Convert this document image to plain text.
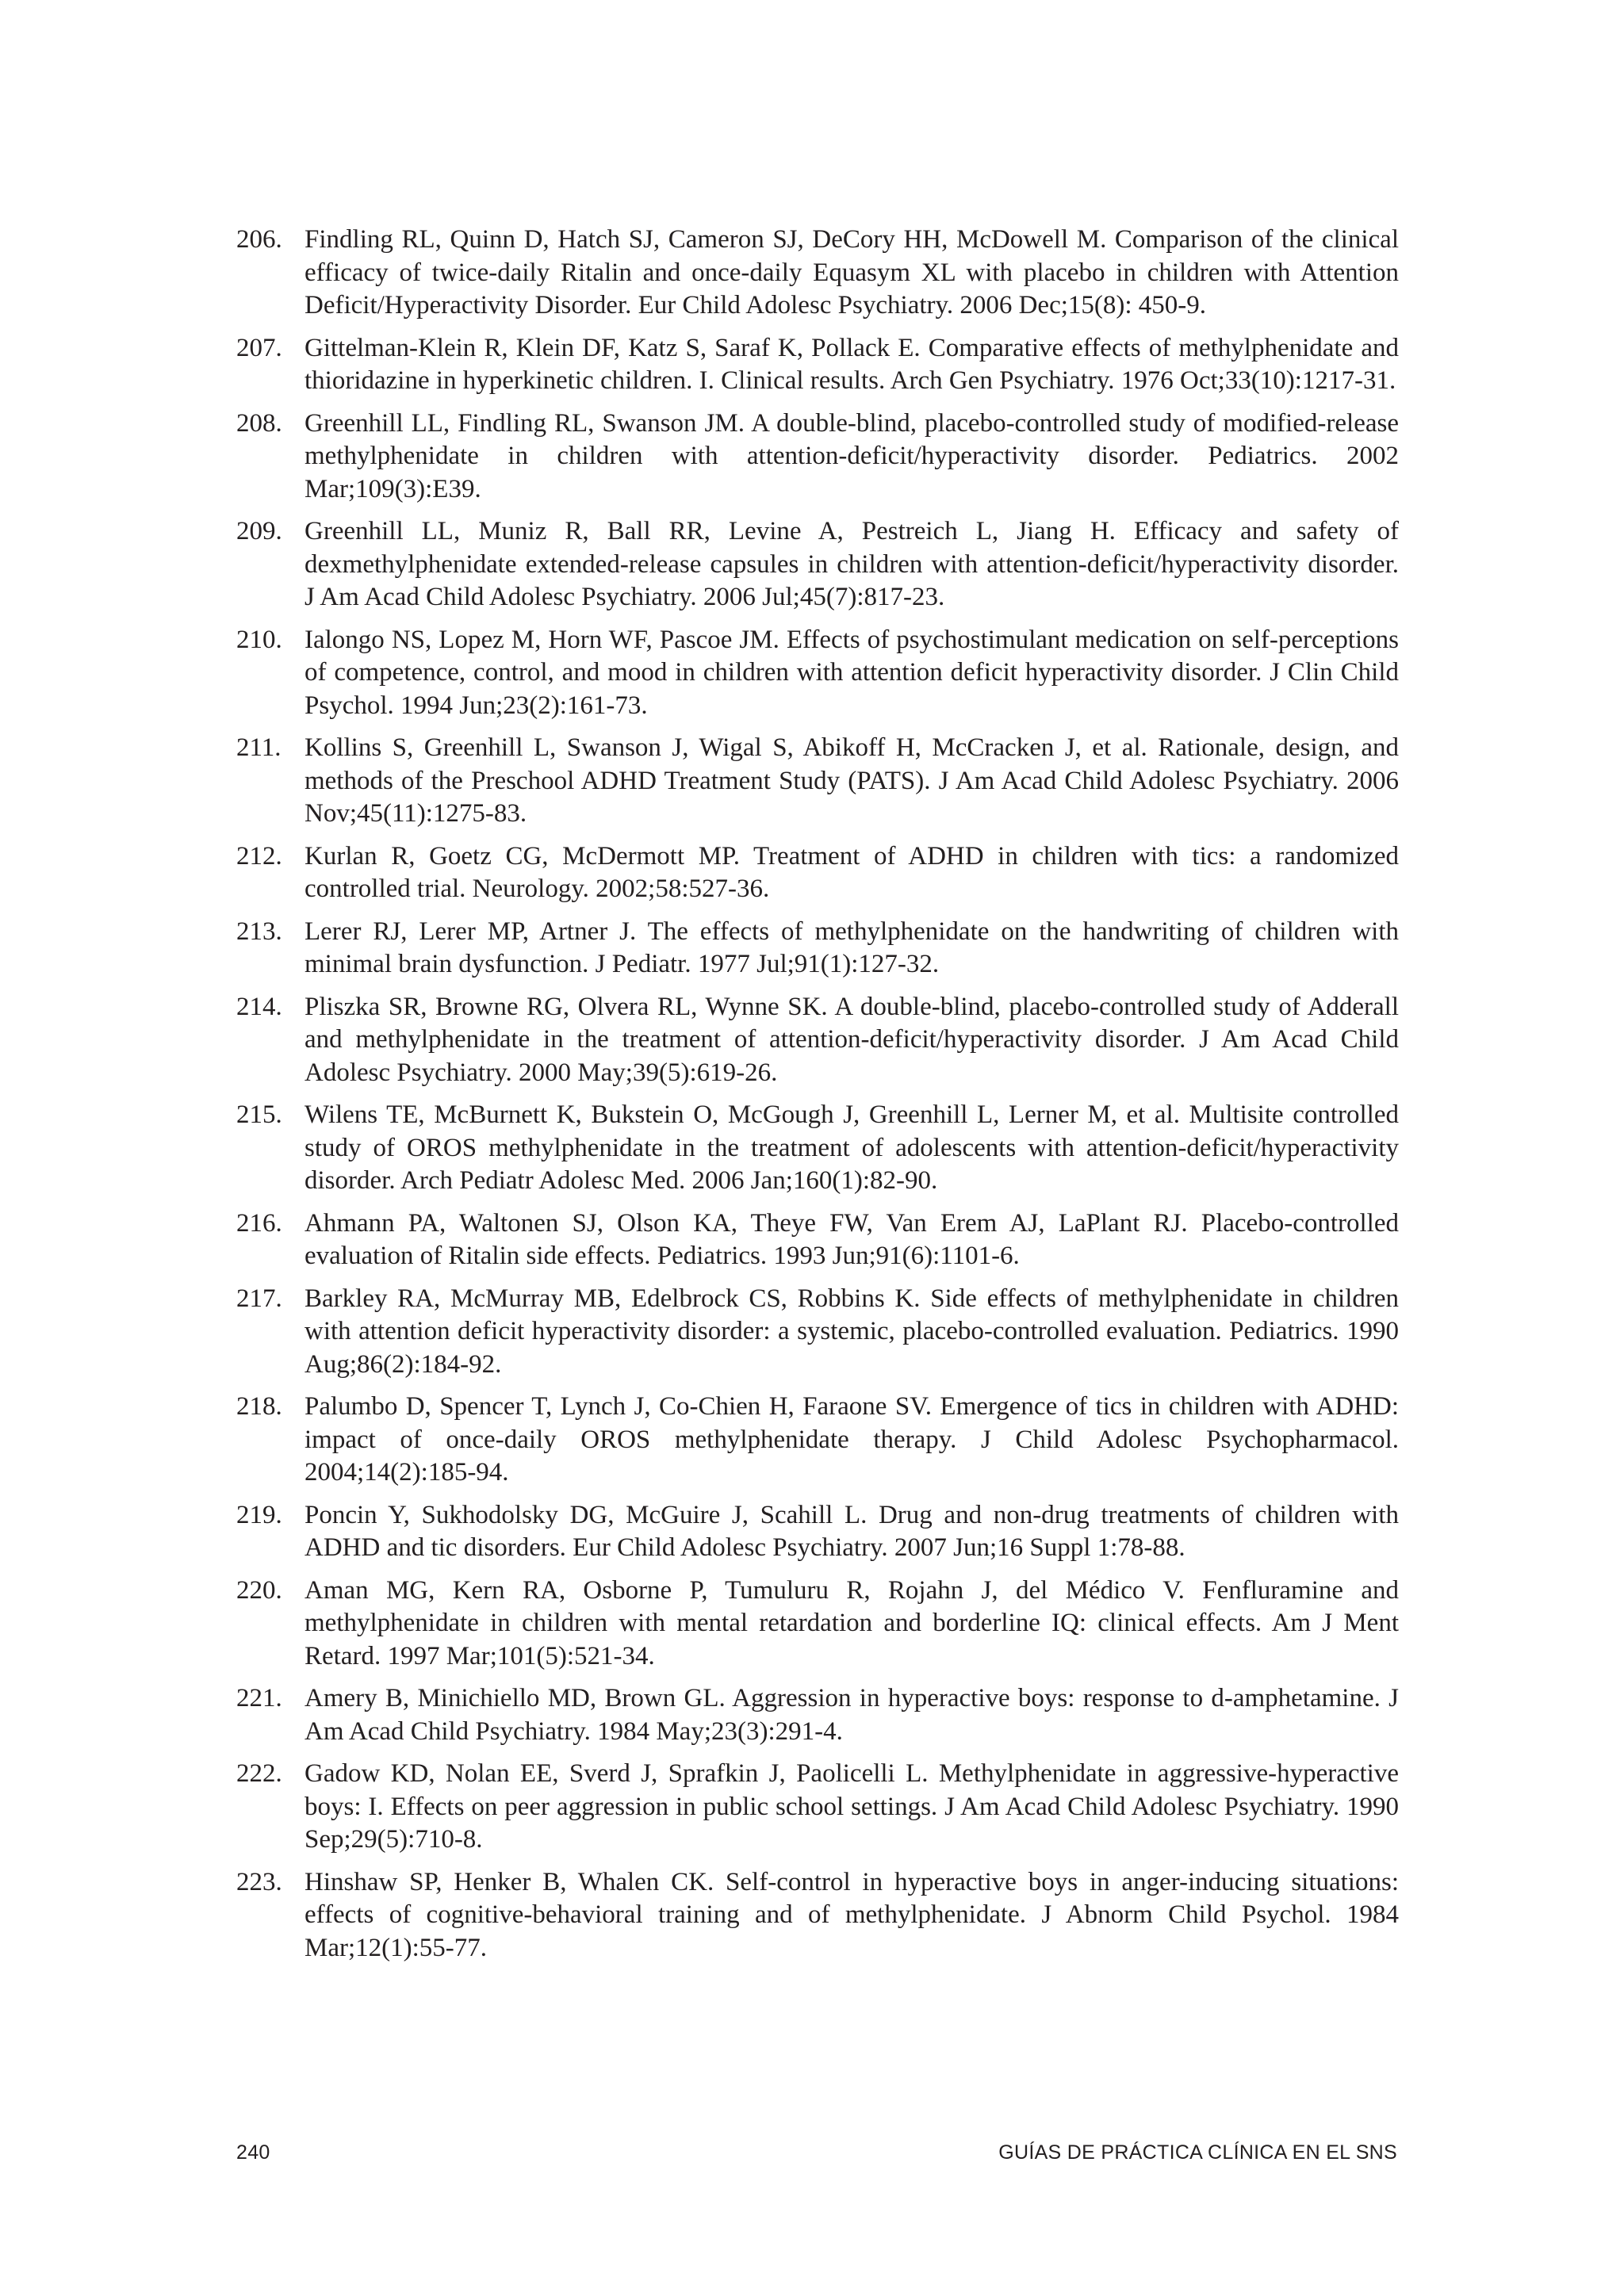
206. Findling RL, Quinn D, Hatch SJ, Cameron SJ, DeCory HH, McDowell M. Comparison of the clinical efficacy of twice-daily Ritalin and once-daily Equasym XL with placebo in children with Attention Deficit/Hyperactivity Disorder. Eur Child Adolesc Psychiatry. 2006 Dec;15(8): 450-9.
207. Gittelman-Klein R, Klein DF, Katz S, Saraf K, Pollack E. Comparative effects of methylphenidate and thioridazine in hyperkinetic children. I. Clinical results. Arch Gen Psychiatry. 1976 Oct;33(10):1217-31.
208. Greenhill LL, Findling RL, Swanson JM. A double-blind, placebo-controlled study of modified-release methylphenidate in children with attention-deficit/hyperactivity disorder. Pediatrics. 2002 Mar;109(3):E39.
209. Greenhill LL, Muniz R, Ball RR, Levine A, Pestreich L, Jiang H. Efficacy and safety of dexmethylphenidate extended-release capsules in children with attention-deficit/hyperactivity disorder. J Am Acad Child Adolesc Psychiatry. 2006 Jul;45(7):817-23.
210. Ialongo NS, Lopez M, Horn WF, Pascoe JM. Effects of psychostimulant medication on self-perceptions of competence, control, and mood in children with attention deficit hyperactivity disorder. J Clin Child Psychol. 1994 Jun;23(2):161-73.
211. Kollins S, Greenhill L, Swanson J, Wigal S, Abikoff H, McCracken J, et al. Rationale, design, and methods of the Preschool ADHD Treatment Study (PATS). J Am Acad Child Adolesc Psychiatry. 2006 Nov;45(11):1275-83.
212. Kurlan R, Goetz CG, McDermott MP. Treatment of ADHD in children with tics: a randomized controlled trial. Neurology. 2002;58:527-36.
213. Lerer RJ, Lerer MP, Artner J. The effects of methylphenidate on the handwriting of children with minimal brain dysfunction. J Pediatr. 1977 Jul;91(1):127-32.
214. Pliszka SR, Browne RG, Olvera RL, Wynne SK. A double-blind, placebo-controlled study of Adderall and methylphenidate in the treatment of attention-deficit/hyperactivity disorder. J Am Acad Child Adolesc Psychiatry. 2000 May;39(5):619-26.
215. Wilens TE, McBurnett K, Bukstein O, McGough J, Greenhill L, Lerner M, et al. Multisite controlled study of OROS methylphenidate in the treatment of adolescents with attention-deficit/hyperactivity disorder. Arch Pediatr Adolesc Med. 2006 Jan;160(1):82-90.
216. Ahmann PA, Waltonen SJ, Olson KA, Theye FW, Van Erem AJ, LaPlant RJ. Placebo-controlled evaluation of Ritalin side effects. Pediatrics. 1993 Jun;91(6):1101-6.
217. Barkley RA, McMurray MB, Edelbrock CS, Robbins K. Side effects of methylphenidate in children with attention deficit hyperactivity disorder: a systemic, placebo-controlled evaluation. Pediatrics. 1990 Aug;86(2):184-92.
218. Palumbo D, Spencer T, Lynch J, Co-Chien H, Faraone SV. Emergence of tics in children with ADHD: impact of once-daily OROS methylphenidate therapy. J Child Adolesc Psychopharmacol. 2004;14(2):185-94.
219. Poncin Y, Sukhodolsky DG, McGuire J, Scahill L. Drug and non-drug treatments of children with ADHD and tic disorders. Eur Child Adolesc Psychiatry. 2007 Jun;16 Suppl 1:78-88.
220. Aman MG, Kern RA, Osborne P, Tumuluru R, Rojahn J, del Médico V. Fenfluramine and methylphenidate in children with mental retardation and borderline IQ: clinical effects. Am J Ment Retard. 1997 Mar;101(5):521-34.
221. Amery B, Minichiello MD, Brown GL. Aggression in hyperactive boys: response to d-amphetamine. J Am Acad Child Psychiatry. 1984 May;23(3):291-4.
222. Gadow KD, Nolan EE, Sverd J, Sprafkin J, Paolicelli L. Methylphenidate in aggressive-hyperactive boys: I. Effects on peer aggression in public school settings. J Am Acad Child Adolesc Psychiatry. 1990 Sep;29(5):710-8.
223. Hinshaw SP, Henker B, Whalen CK. Self-control in hyperactive boys in anger-inducing situations: effects of cognitive-behavioral training and of methylphenidate. J Abnorm Child Psychol. 1984 Mar;12(1):55-77.
240	GUÍAS DE PRÁCTICA CLÍNICA EN EL SNS
